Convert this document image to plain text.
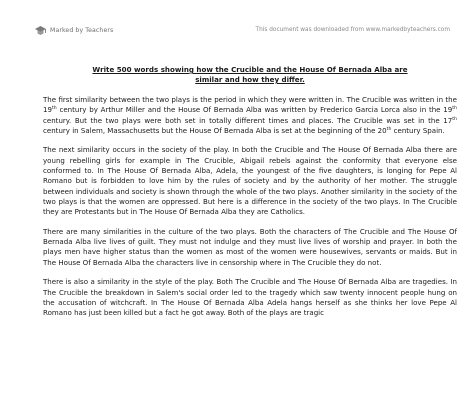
Marked by Teachers	This document was downloaded from www.markedbyteachers.com
Write 500 words showing how the Crucible and the House Of Bernada Alba are
similar and how they differ.

The first similarity between the two plays is the period in which they were written in. The Crucible was written in the 19th century by Arthur Miller and the House Of Bernada Alba was written by Frederico Garcia Lorca also in the 19th century. But the two plays were both set in totally different times and places. The Crucible was set in the 17th century in Salem, Massachusetts but the House Of Bernada Alba is set at the beginning of the 20th century Spain.

The next similarity occurs in the society of the play. In both the Crucible and The House Of Bernada Alba there are young rebelling girls for example in The Crucible, Abigail rebels against the conformity that everyone else conformed to. In The House Of Bernada Alba, Adela, the youngest of the five daughters, is longing for Pepe Al Romano but is forbidden to love him by the rules of society and by the authority of her mother. The struggle between individuals and society is shown through the whole of the two plays. Another similarity in the society of the two plays is that the women are oppressed. But here is a difference in the society of the two plays. In The Crucible they are Protestants but in The House Of Bernada Alba they are Catholics.

There are many similarities in the culture of the two plays. Both the characters of The Crucible and The House Of Bernada Alba live lives of guilt. They must not indulge and they must live lives of worship and prayer. In both the plays men have higher status than the women as most of the women were housewives, servants or maids. But in The House Of Bernada Alba the characters live in censorship where in The Crucible they do not.

There is also a similarity in the style of the play. Both The Crucible and The House Of Bernada Alba are tragedies. In The Crucible the breakdown in Salem's social order led to the tragedy which saw twenty innocent people hung on the accusation of witchcraft. In The House Of Bernada Alba Adela hangs herself as she thinks her love Pepe Al Romano has just been killed but a fact he got away. Both of the plays are tragic
